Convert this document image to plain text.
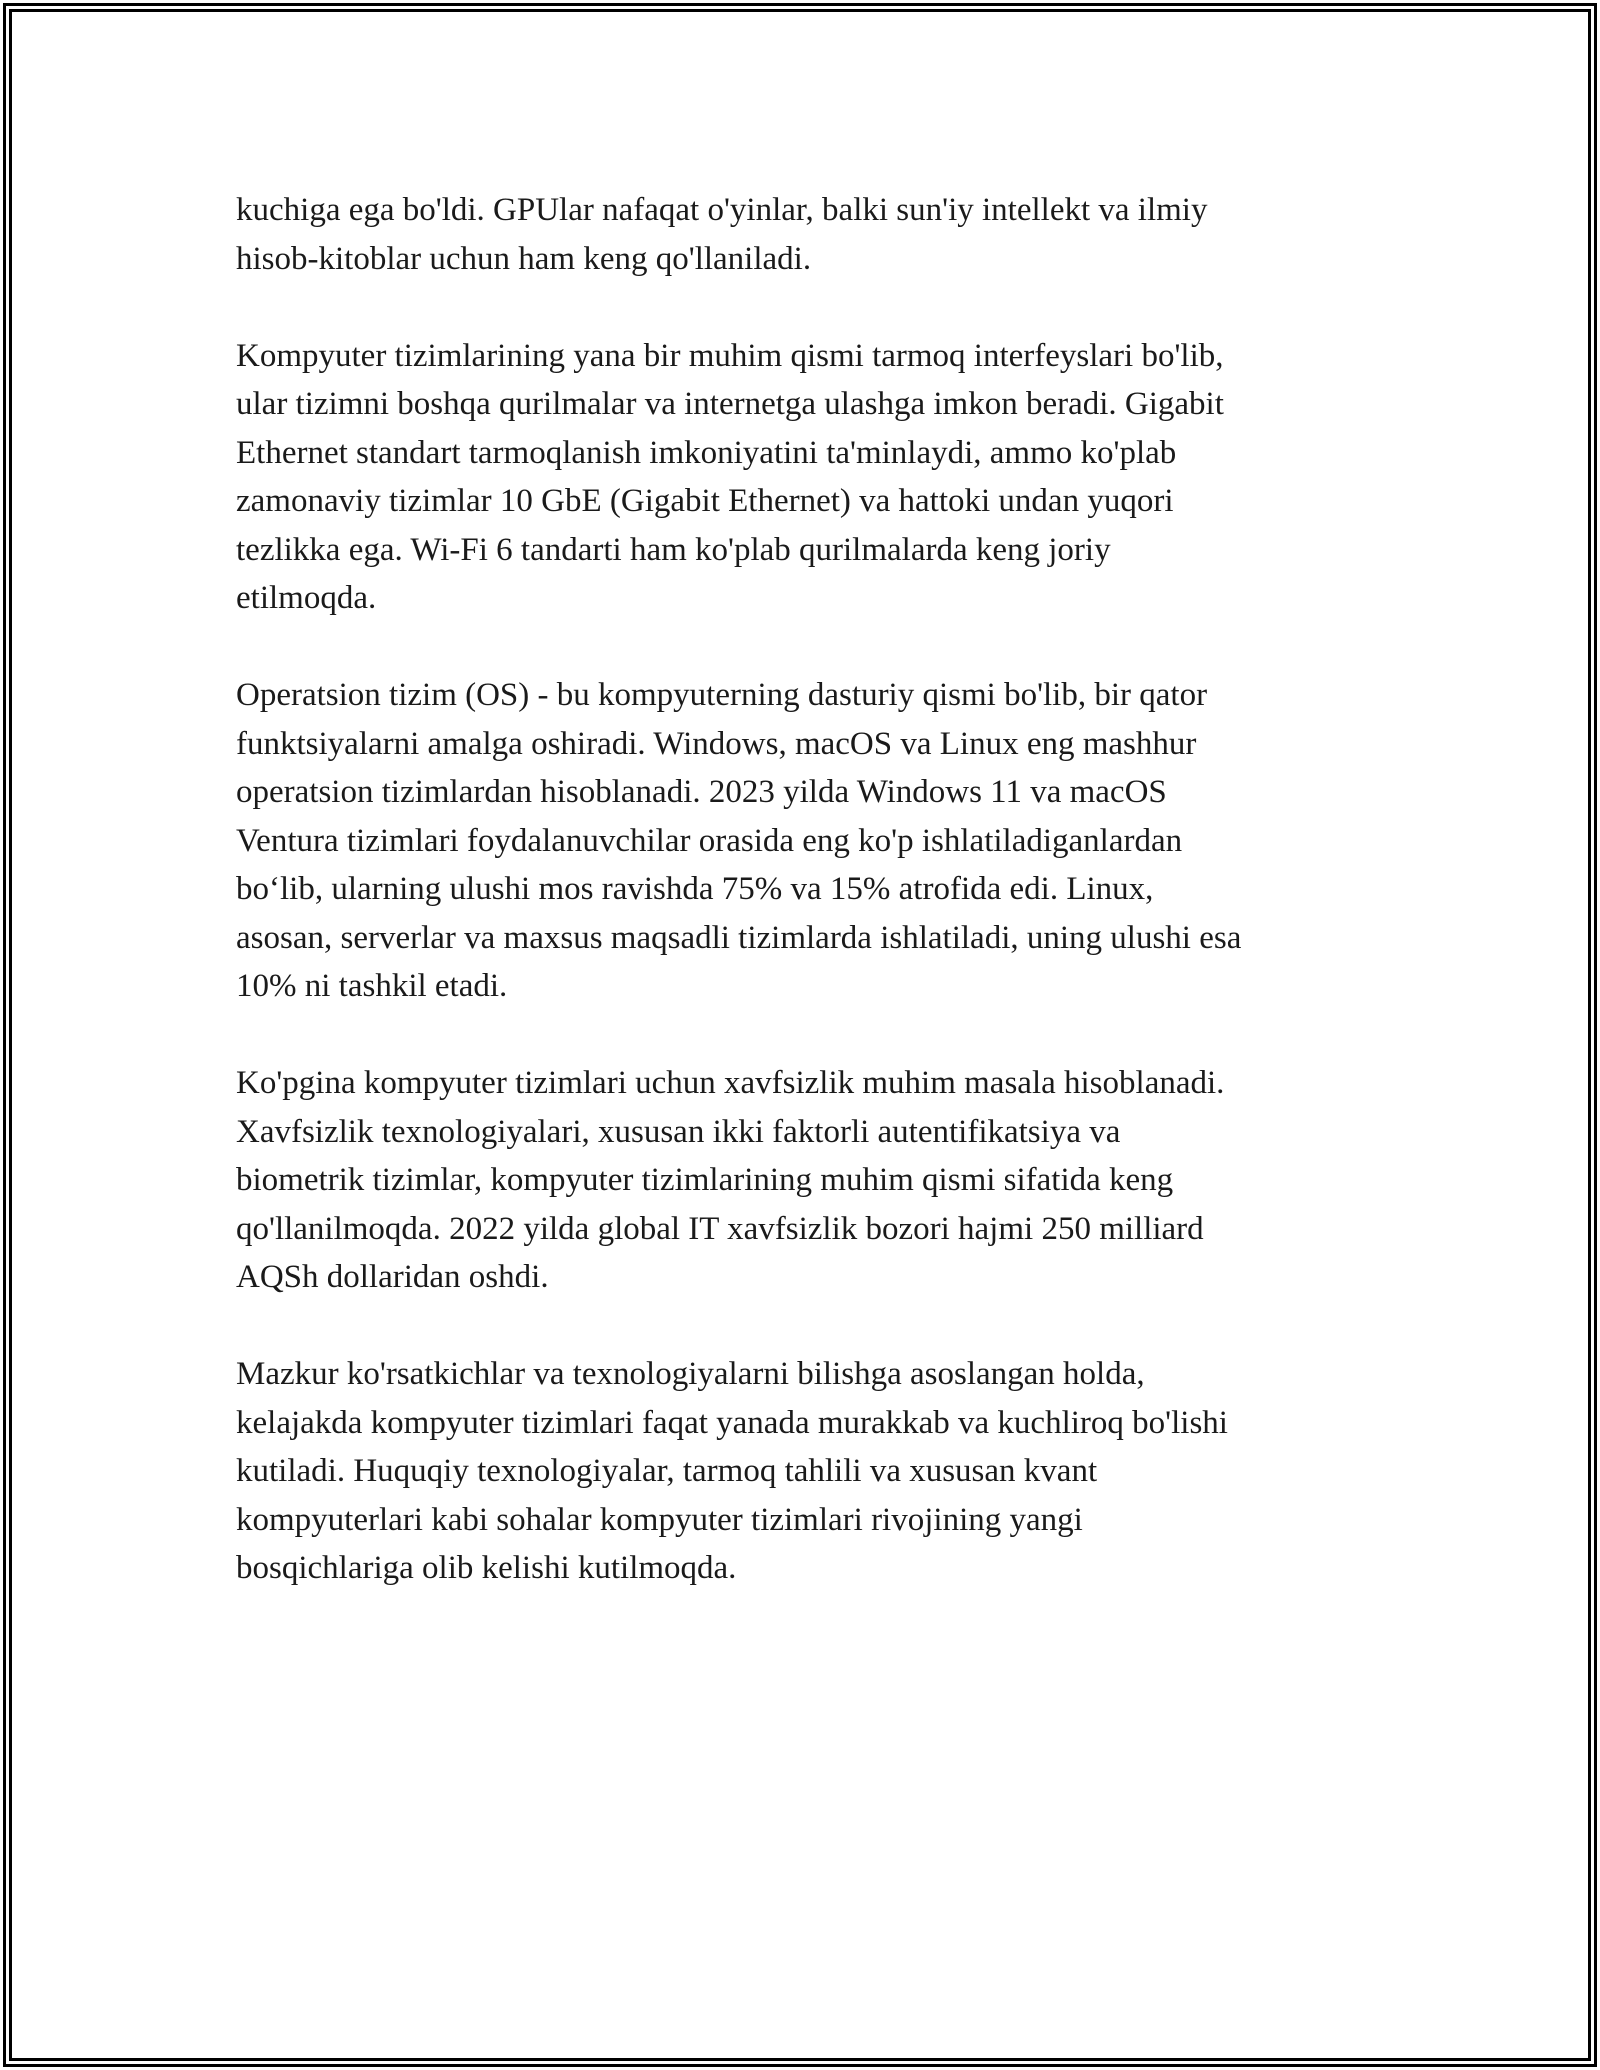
kuchiga ega bo'ldi. GPUlar nafaqat o'yinlar, balki sun'iy intellekt va ilmiy
hisob-kitoblar uchun ham keng qo'llaniladi.
Kompyuter tizimlarining yana bir muhim qismi tarmoq interfeyslari bo'lib,
ular tizimni boshqa qurilmalar va internetga ulashga imkon beradi. Gigabit
Ethernet standart tarmoqlanish imkoniyatini ta'minlaydi, ammo ko'plab
zamonaviy tizimlar 10 GbE (Gigabit Ethernet) va hattoki undan yuqori
tezlikka ega. Wi-Fi 6 tandarti ham ko'plab qurilmalarda keng joriy
etilmoqda.
Operatsion tizim (OS) - bu kompyuterning dasturiy qismi bo'lib, bir qator
funktsiyalarni amalga oshiradi. Windows, macOS va Linux eng mashhur
operatsion tizimlardan hisoblanadi. 2023 yilda Windows 11 va macOS
Ventura tizimlari foydalanuvchilar orasida eng ko'p ishlatiladiganlardan
bo‘lib, ularning ulushi mos ravishda 75% va 15% atrofida edi. Linux,
asosan, serverlar va maxsus maqsadli tizimlarda ishlatiladi, uning ulushi esa
10% ni tashkil etadi.
Ko'pgina kompyuter tizimlari uchun xavfsizlik muhim masala hisoblanadi.
Xavfsizlik texnologiyalari, xususan ikki faktorli autentifikatsiya va
biometrik tizimlar, kompyuter tizimlarining muhim qismi sifatida keng
qo'llanilmoqda. 2022 yilda global IT xavfsizlik bozori hajmi 250 milliard
AQSh dollaridan oshdi.
Mazkur ko'rsatkichlar va texnologiyalarni bilishga asoslangan holda,
kelajakda kompyuter tizimlari faqat yanada murakkab va kuchliroq bo'lishi
kutiladi. Huquqiy texnologiyalar, tarmoq tahlili va xususan kvant
kompyuterlari kabi sohalar kompyuter tizimlari rivojining yangi
bosqichlariga olib kelishi kutilmoqda.
